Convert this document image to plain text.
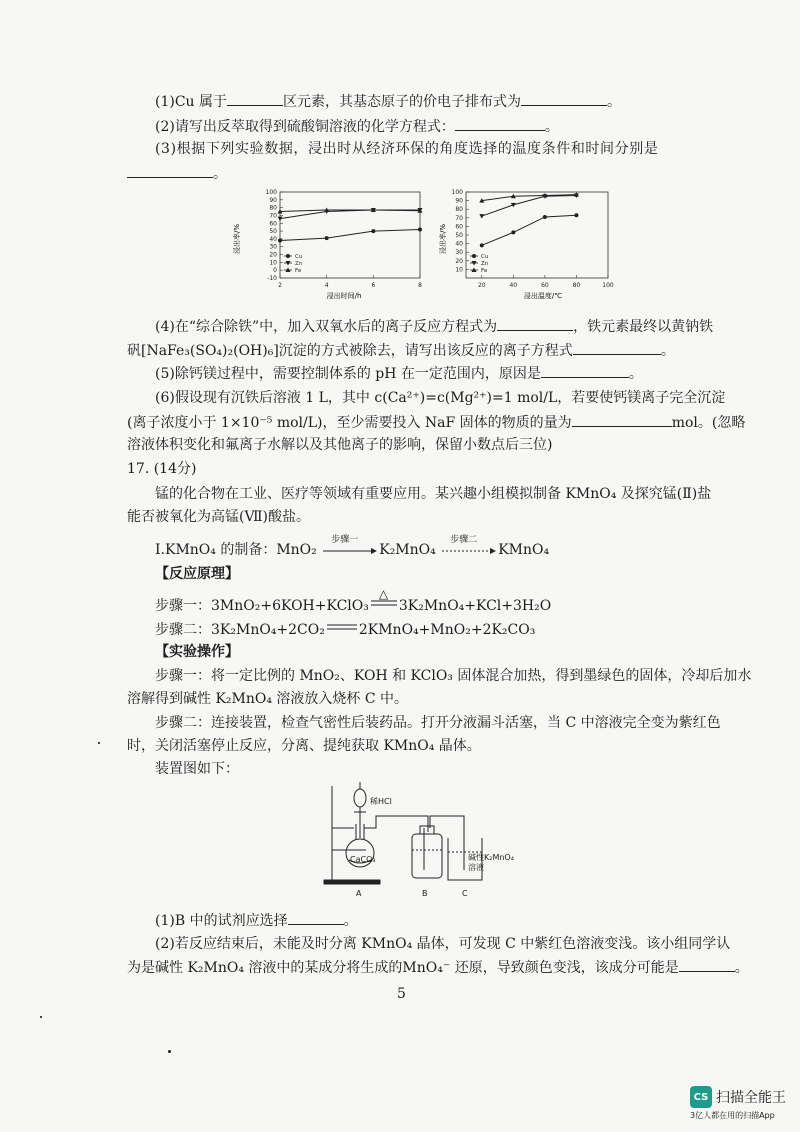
(1)Cu 属于	区元素，其基态原子的价电子排布式为	。
(2)请写出反萃取得到硫酸铜溶液的化学方程式：	。
(3)根据下列实验数据，浸出时从经济环保的角度选择的温度条件和时间分别是
。
100
90
80
70
60
50
40
30
20
10
0
-10
2	4	6	8
Cu
Zn
Fe
浸出时间/h
浸出率/%
100
90
80
70
60
50
40
30
20
10
20	40	60	80	100
Cu
Zn
Fe
浸出温度/℃
浸出率/%
(4)在“综合除铁”中，加入双氧水后的离子反应方程式为	，铁元素最终以黄钠铁
矾[NaFe₃(SO₄)₂(OH)₆]沉淀的方式被除去，请写出该反应的离子方程式	。
(5)除钙镁过程中，需要控制体系的 pH 在一定范围内，原因是	。
(6)假设现有沉铁后溶液 1 L，其中 c(Ca²⁺)=c(Mg²⁺)=1 mol/L，若要使钙镁离子完全沉淀
(离子浓度小于 1×10⁻⁵ mol/L)，至少需要投入 NaF 固体的物质的量为	mol。(忽略
溶液体积变化和氟离子水解以及其他离子的影响，保留小数点后三位)
17. (14分)
锰的化合物在工业、医疗等领域有重要应用。某兴趣小组模拟制备 KMnO₄ 及探究锰(Ⅱ)盐
能否被氧化为高锰(Ⅶ)酸盐。
Ⅰ.KMnO₄ 的制备：MnO₂
步骤一
K₂MnO₄
步骤二
KMnO₄
【反应原理】
步骤一：3MnO₂+6KOH+KClO₃
△
3K₂MnO₄+KCl+3H₂O
步骤二：3K₂MnO₄+2CO₂ 2KMnO₄+MnO₂+2K₂CO₃
【实验操作】
步骤一：将一定比例的 MnO₂、KOH 和 KClO₃ 固体混合加热，得到墨绿色的固体，冷却后加水
溶解得到碱性 K₂MnO₄ 溶液放入烧杯 C 中。
步骤二：连接装置，检查气密性后装药品。打开分液漏斗活塞，当 C 中溶液完全变为紫红色
时，关闭活塞停止反应，分离、提纯获取 KMnO₄ 晶体。
装置图如下：
稀HCl
CaCO₃	碱性K₂MnO₄
溶液
A	B	C
(1)B 中的试剂应选择	。
(2)若反应结束后，未能及时分离 KMnO₄ 晶体，可发现 C 中紫红色溶液变浅。该小组同学认
为是碱性 K₂MnO₄ 溶液中的某成分将生成的MnO₄⁻ 还原，导致颜色变浅，该成分可能是	。
5
CS 扫描全能王
3亿人都在用的扫描App
